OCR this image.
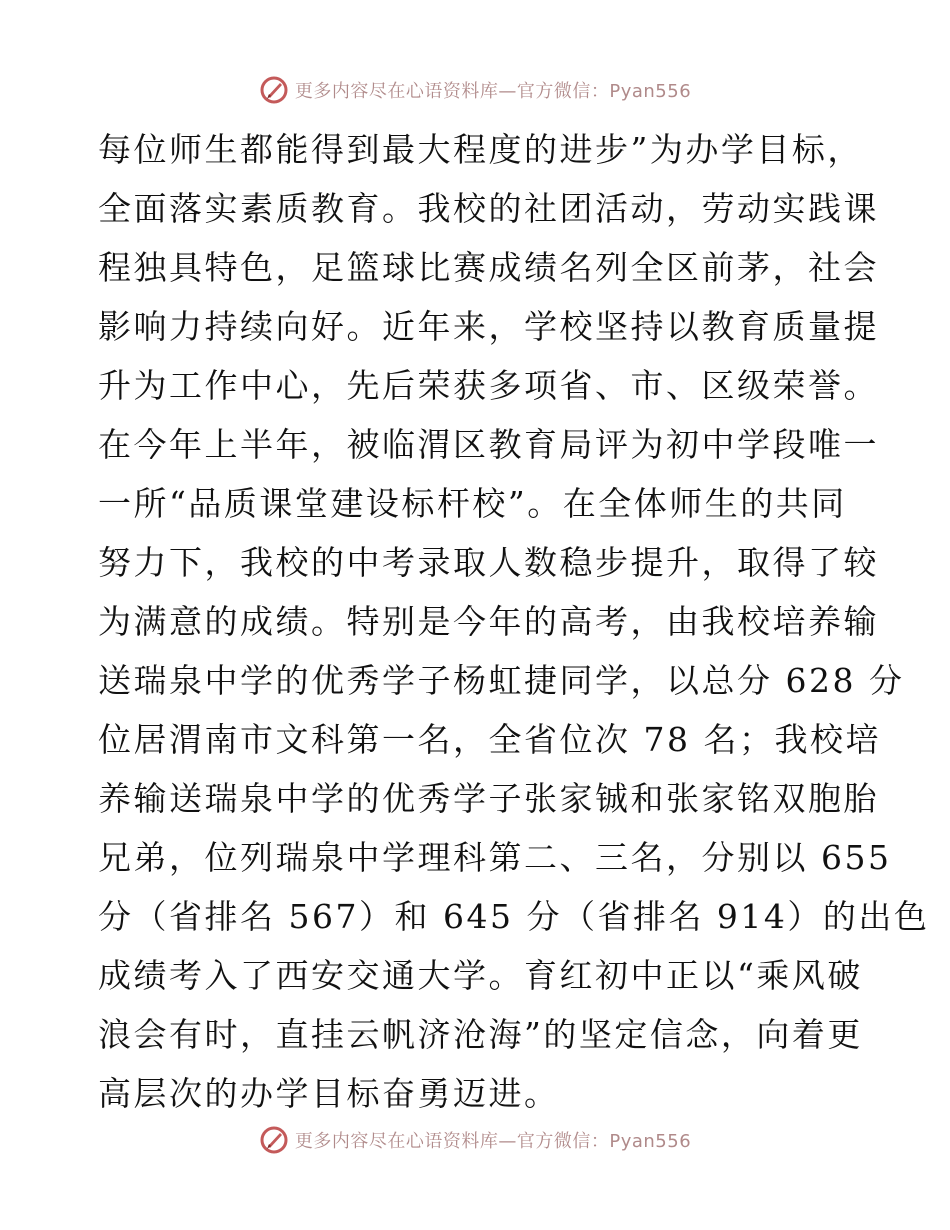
更多内容尽在心语资料库—官方微信：Pyan556
每位师生都能得到最大程度的进步”为办学目标，
全面落实素质教育。我校的社团活动，劳动实践课
程独具特色，足篮球比赛成绩名列全区前茅，社会
影响力持续向好。近年来，学校坚持以教育质量提
升为工作中心，先后荣获多项省、市、区级荣誉。
在今年上半年，被临渭区教育局评为初中学段唯一
一所“品质课堂建设标杆校”。在全体师生的共同
努力下，我校的中考录取人数稳步提升，取得了较
为满意的成绩。特别是今年的高考，由我校培养输
送瑞泉中学的优秀学子杨虹捷同学，以总分 628 分
位居渭南市文科第一名，全省位次 78 名；我校培
养输送瑞泉中学的优秀学子张家铖和张家铭双胞胎
兄弟，位列瑞泉中学理科第二、三名，分别以 655
分（省排名 567）和 645 分（省排名 914）的出色
成绩考入了西安交通大学。育红初中正以“乘风破
浪会有时，直挂云帆济沧海”的坚定信念，向着更
高层次的办学目标奋勇迈进。
更多内容尽在心语资料库—官方微信：Pyan556
